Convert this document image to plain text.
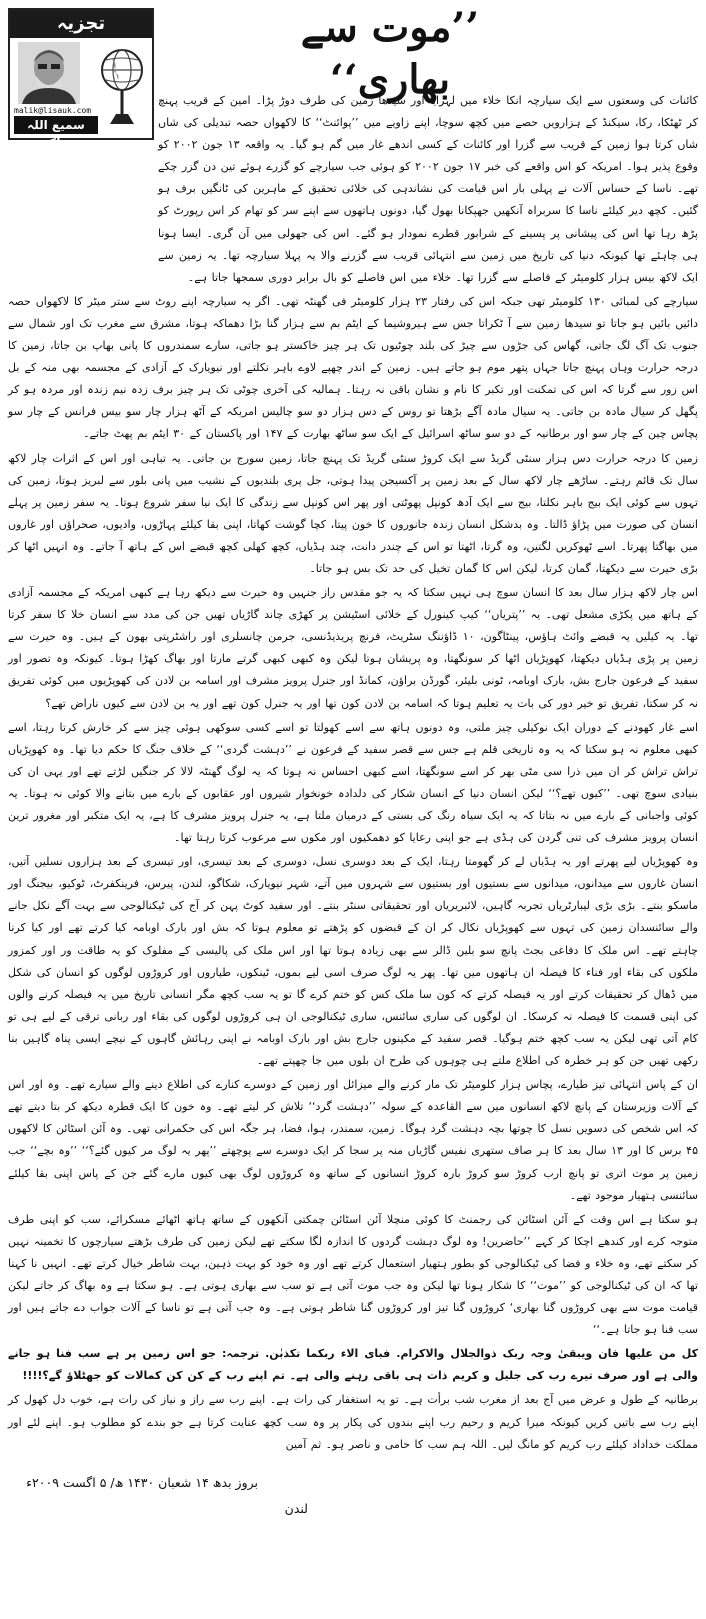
تجزیہ
malik@lisauk.com
سمیع اللہ ملک
’’موت سے بھاری‘‘

کائنات کی وسعتوں سے ایک سیارچہ انکا خلاء میں لہرایا اور سیدھا زمین کی طرف دوڑ پڑا۔ امین کے قریب پہنچ کر ٹھٹکا، رکا، سیکنڈ کے ہزارویں حصے میں کچھ سوچا، اپنے زاویے میں ’’پوائنٹ‘‘ کا لاکھواں حصہ تبدیلی کی شاں شاں کرتا ہوا زمین کے قریب سے گزرا اور کائنات کے کسی اندھے غار میں گم ہو گیا۔ یہ واقعہ ۱۳ جون ۲۰۰۲ کو وقوع پذیر ہوا۔ امریکہ کو اس واقعے کی خبر ۱۷ جون ۲۰۰۲ کو ہوئی جب سیارچے کو گزرے ہوئے تین دن گزر چکے تھے۔ ناسا کے حساس آلات نے پہلی بار اس قیامت کی نشاندہی کی خلائی تحقیق کے ماہرین کی ٹانگیں برف ہو گئیں۔ کچھ دیر کیلئے ناسا کا سربراہ آنکھیں جھپکانا بھول گیا، دونوں ہاتھوں سے اپنے سر کو تھام کر اس رپورٹ کو پڑھ رہا تھا اس کی پیشانی پر پسینے کے شرابور قطرے نمودار ہو گئے۔ اس کی جھولی میں آن گری۔ ایسا ہونا ہی چاہئے تھا کیونکہ دنیا کی تاریخ میں زمین سے انتہائی قریب سے گزرنے والا یہ پہلا سیارچہ تھا۔ یہ زمین سے ایک لاکھ بیس ہزار کلومیٹر کے فاصلے سے گزرا تھا۔ خلاء میں اس فاصلے کو بال برابر دوری سمجھا جاتا ہے۔

سیارچے کی لمبائی ۱۳۰ کلومیٹر تھی جبکہ اس کی رفتار ۲۳ ہزار کلومیٹر فی گھنٹہ تھی۔ اگر یہ سیارچہ اپنے روٹ سے ستر میٹر کا لاکھواں حصہ دائیں بائیں ہو جاتا تو سیدھا زمین سے آ ٹکراتا جس سے ہیروشیما کے ایٹم بم سے ہزار گنا بڑا دھماکہ ہوتا، مشرق سے مغرب تک اور شمال سے جنوب تک آگ لگ جاتی، گھاس کی جڑوں سے چیڑ کی بلند چوٹیوں تک ہر چیز خاکستر ہو جاتی، سارے سمندروں کا پانی بھاپ بن جاتا، زمین کا درجہ حرارت وہاں پہنچ جاتا جہاں پتھر موم ہو جاتے ہیں۔ زمین کے اندر چھپے لاوے باہر نکلتے اور نیویارک کے آزادی کے مجسمہ بھی منہ کے بل اس زور سے گرتا کہ اس کی تمکنت اور تکبر کا نام و نشان باقی نہ رہتا۔ ہمالیہ کی آخری چوٹی تک ہر چیز برف زدہ نیم زندہ اور مردہ ہو کر پگھل کر سیال مادہ بن جاتی۔ یہ سیال مادہ آگے بڑھتا تو روس کے دس ہزار دو سو چالیس امریکہ کے آٹھ ہزار چار سو بیس فرانس کے چار سو پچاس چین کے چار سو اور برطانیہ کے دو سو ساٹھ اسرائیل کے ایک سو ساٹھ بھارت کے ۱۴۷ اور پاکستان کے ۳۰ ایٹم بم پھٹ جاتے۔

زمین کا درجہ حرارت دس ہزار سنٹی گریڈ سے ایک کروڑ سنٹی گریڈ تک پہنچ جاتا، زمین سورج بن جاتی۔ یہ تباہی اور اس کے اثرات چار لاکھ سال تک قائم رہتے۔ ساڑھے چار لاکھ سال کے بعد زمین پر آکسیجن پیدا ہوتی، جل پری بلندیوں کے نشیب میں پانی بلور سے لبریز ہوتا، زمین کی تہوں سے کوئی ایک بیج باہر نکلتا، بیج سے ایک آدھ کونپل پھوٹتی اور پھر اس کونپل سے زندگی کا ایک نیا سفر شروع ہوتا۔ یہ سفر زمین پر پہلے انسان کی صورت میں پڑاؤ ڈالتا۔ وہ بدشکل انسان زندہ جانوروں کا خون پیتا، کچا گوشت کھاتا، اپنی بقا کیلئے پہاڑوں، وادیوں، صحراؤں اور غاروں میں بھاگتا پھرتا۔ اسے ٹھوکریں لگتیں، وہ گرتا، اٹھتا تو اس کے چندر دانت، چند ہڈیاں، کچھ کھلی کچھ قبضے اس کے ہاتھ آ جاتے۔ وہ انہیں اٹھا کر بڑی حیرت سے دیکھتا، گمان کرتا، لیکن اس کا گمان تخیل کی حد تک بس ہو جاتا۔

اس چار لاکھ ہزار سال بعد کا انسان سوچ ہی نہیں سکتا کہ یہ جو مقدس راز جنہیں وہ حیرت سے دیکھ رہا ہے کبھی امریکہ کے مجسمہ آزادی کے ہاتھ میں پکڑی مشعل تھی۔ یہ ’’پتریاں‘‘ کیپ کینورل کے خلائی اسٹیشن پر کھڑی چاند گاڑیاں تھیں جن کی مدد سے انسان خلا کا سفر کرتا تھا۔ یہ کیلیں یہ قبضے وائٹ ہاؤس، پینٹاگون، ۱۰ ڈاؤننگ سٹریٹ، فرنچ پریذیڈنسی، جرمن چانسلری اور راشٹرپتی بھون کے ہیں۔ وہ حیرت سے زمین پر پڑی ہڈیاں دیکھتا، کھوپڑیاں اٹھا کر سونگھتا، وہ پریشان ہوتا لیکن وہ کبھی کبھی گرتے مارتا اور بھاگ کھڑا ہوتا۔ کیونکہ وہ تصور اور سفید کے فرعون جارج بش، بارک اوبامہ، ٹونی بلیئر، گورڈن براؤن، کمانڈ اور جنرل پرویز مشرف اور اسامہ بن لادن کی کھوپڑیوں میں کوئی تفریق نہ کر سکتا، تفریق تو خیر دور کی بات یہ تعلیم ہوتا کہ اسامہ بن لادن کون تھا اور یہ جنرل کون تھے اور یہ بن لادن سے کیوں ناراض تھے؟

اسے غار کھودنے کے دوران ایک نوکیلی چیز ملتی، وہ دونوں ہاتھ سے اسے کھولتا تو اسے کسی سوکھی ہوئی چیز سے کر خارش کرتا رہتا، اسے کبھی معلوم نہ ہو سکتا کہ یہ وہ تاریخی قلم ہے جس سے قصر سفید کے فرعون نے ’’دہشت گردی‘‘ کے خلاف جنگ کا حکم دیا تھا۔ وہ کھوپڑیاں تراش تراش کر ان میں ذرا سی مٹی بھر کر اسے سونگھتا، اسے کبھی احساس نہ ہوتا کہ یہ لوگ گھنٹہ لالا کر جنگیں لڑتے تھے اور یہی ان کی بنیادی سوچ تھی۔ ’’کیوں تھے؟‘‘ لیکن انسان دنیا کے انسان شکار کی دلدادہ خونخوار شیروں اور عقابوں کے بارے میں بتانے والا کوئی نہ ہوتا۔ یہ کوئی واجبانی کے بارے میں نہ بتاتا کہ یہ ایک سیاہ رنگ کی بستی کے درمیان ملتا ہے، یہ جنرل پرویز مشرف کا ہے، یہ ایک متکبر اور مغرور ترین انسان پرویز مشرف کی تنی گردن کی ہڈی ہے جو اپنی رعایا کو دھمکیوں اور مکوں سے مرعوب کرتا رہتا تھا۔

وہ کھوپڑیاں لیے پھرتے اور یہ ہڈیاں لے کر گھومتا رہتا، ایک کے بعد دوسری نسل، دوسری کے بعد تیسری، اور تیسری کے بعد ہزاروں نسلیں آتیں، انسان غاروں سے میدانوں، میدانوں سے بستیوں اور بستیوں سے شہروں میں آتے، شہر نیویارک، شکاگو، لندن، پیرس، فرینکفرٹ، ٹوکیو، بیجنگ اور ماسکو بنتے۔ بڑی بڑی لیبارٹریاں تجربہ گاہیں، لائبریریاں اور تحقیقاتی سنٹر بنتے۔ اور سفید کوٹ پہن کر آج کی ٹیکنالوجی سے بہت آگے نکل جانے والے سائنسدان زمین کی تہوں سے کھوپڑیاں نکال کر ان کے قبضوں کو پڑھتے تو معلوم ہوتا کہ بش اور بارک اوبامہ کیا کرتے تھے اور کیا کرنا چاہتے تھے۔ اس ملک کا دفاعی بجٹ پانچ سو بلین ڈالر سے بھی زیادہ ہوتا تھا اور اس ملک کی پالیسی کے مفلوک کو یہ طاقت ور اور کمزور ملکوں کی بقاء اور فناء کا فیصلہ ان ہاتھوں میں تھا۔ پھر یہ لوگ صرف اسی لیے بموں، ٹینکوں، طیاروں اور کروڑوں لوگوں کو انسان کی شکل میں ڈھال کر تحقیقات کرتے اور یہ فیصلہ کرتے کہ کون سا ملک کس کو ختم کرے گا تو یہ سب کچھ مگر انسانی تاریخ میں یہ فیصلہ کرنے والوں کی اپنی قسمت کا فیصلہ نہ کرسکا۔ ان لوگوں کی ساری سائنس، ساری ٹیکنالوجی ان ہی کروڑوں لوگوں کی بقاء اور ربانی ترقی کے لیے ہی تو کام آتی تھی لیکن یہ سب کچھ ختم ہوگیا۔ قصر سفید کے مکینوں جارج بش اور بارک اوبامہ نے اپنی رہائش گاہوں کے نیچے ایسی پناہ گاہیں بنا رکھی تھیں جن کو ہر خطرہ کی اطلاع ملتے ہی چوہوں کی طرح ان بلوں میں جا چھپتے تھے۔

ان کے پاس انتہائی تیز طیارے، پچاس ہزار کلومیٹر تک مار کرنے والے میزائل اور زمین کے دوسرے کنارے کی اطلاع دینے والے سیارے تھے۔ وہ اور اس کے آلات وزیرستان کے پانچ لاکھ انسانوں میں سے القاعدہ کے سولہ ’’دہشت گرد‘‘ تلاش کر لیتے تھے۔ وہ خون کا ایک قطرہ دیکھ کر بتا دیتے تھے کہ اس شخص کی دسویں نسل کا چوتھا بچہ دہشت گرد ہوگا۔ زمین، سمندر، ہوا، فضا، ہر جگہ اس کی حکمرانی تھی۔ وہ آئن اسٹائن کا لاکھوں ۴۵ برس کا اور ۱۳ سال بعد کا ہر صاف ستھری نفیس گاڑیاں منہ پر سجا کر ایک دوسرے سے پوچھتے ’’پھر یہ لوگ مر کیوں گئے؟‘‘ ’’وہ بچے‘‘ جب زمین پر موت اتری تو پانچ ارب کروڑ سو کروڑ بارہ کروڑ انسانوں کے ساتھ وہ کروڑوں لوگ بھی کیوں مارے گئے جن کے پاس اپنی بقا کیلئے سائنسی ہتھیار موجود تھے۔

ہو سکتا ہے اس وقت کے آئن اسٹائن کی رجمنٹ کا کوئی منچلا آئن اسٹائن چمکتی آنکھوں کے ساتھ ہاتھ اٹھائے مسکرائے، سب کو اپنی طرف متوجہ کرے اور کندھے اچکا کر کہے ’’حاضرین! وہ لوگ دہشت گردوں کا اندازہ لگا سکتے تھے لیکن زمین کی طرف بڑھتے سیارچوں کا تخمینہ نہیں کر سکتے تھے، وہ خلاء و فضا کی ٹیکنالوجی کو بطور ہتھیار استعمال کرتے تھے اور وہ خود کو بہت ذہین، بہت شاطر خیال کرتے تھے۔ انہیں نا کہنا تھا کہ ان کی ٹیکنالوجی کو ’’موت‘‘ کا شکار ہونا تھا لیکن وہ جب موت آتی ہے تو سب سے بھاری ہوتی ہے۔ ہو سکتا ہے وہ بھاگ کر جاتے لیکن قیامت موت سے بھی کروڑوں گنا بھاری‘ کروڑوں گنا تیز اور کروڑوں گنا شاطر ہوتی ہے۔ وہ جب آتی ہے تو ناسا کے آلات جواب دے جاتے ہیں اور سب فنا ہو جاتا ہے۔‘‘

کل من علیھا فان ویبقیٰ وجہ ربک ذوالجلال والاکرام. فبای الاء ربکما تکذبٰن. ترجمہ: جو اس زمین پر ہے سب فنا ہو جانے والی ہے اور صرف تیرے رب کی جلیل و کریم ذات ہی باقی رہنے والی ہے۔ تم اپنے رب کے کن کن کمالات کو جھٹلاؤ گے؟!!!!

برطانیہ کے طول و عرض میں آج بعد از مغرب شب برأت ہے۔ تو یہ استغفار کی رات ہے۔ اپنے رب سے راز و نیاز کی رات ہے، خوب دل کھول کر اپنے رب سے باتیں کریں کیونکہ میرا کریم و رحیم رب اپنے بندوں کی پکار پر وہ سب کچھ عنایت کرتا ہے جو بندے کو مطلوب ہو۔ اپنے لئے اور مملکت خداداد کیلئے رب کریم کو مانگ لیں۔ اللہ ہم سب کا حامی و ناصر ہو۔ ثم آمین

بروز بدھ ۱۴ شعبان ۱۴۳۰ ھ/ ۵ اگست ۲۰۰۹ء
لندن
